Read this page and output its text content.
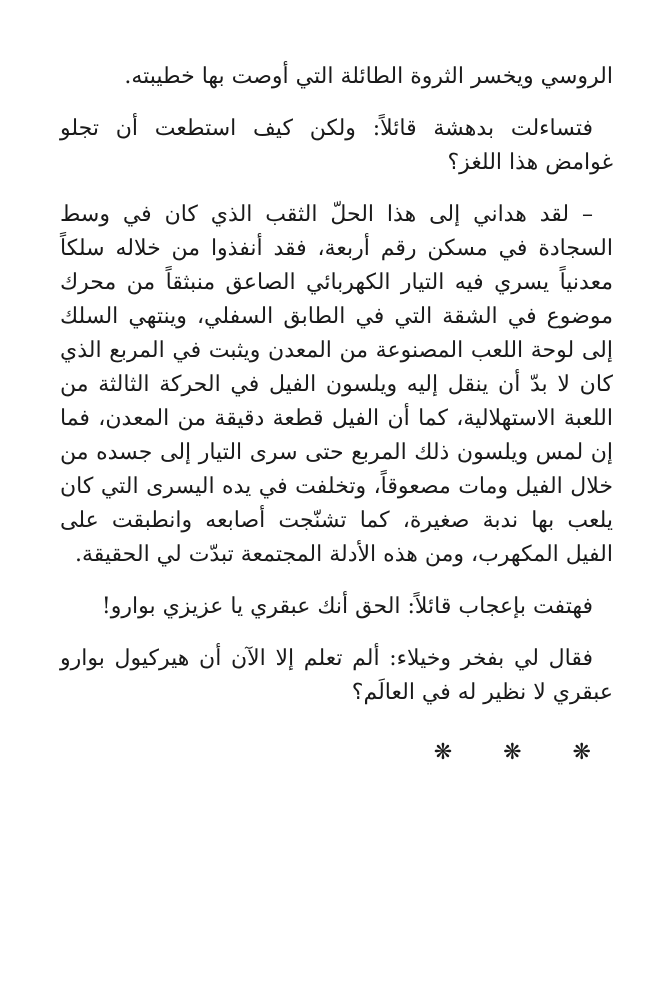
الروسي ويخسر الثروة الطائلة التي أوصت بها خطيبته.

فتساءلت بدهشة قائلاً: ولكن كيف استطعت أن تجلو غوامض هذا اللغز؟

– لقد هداني إلى هذا الحلّ الثقب الذي كان في وسط السجادة في مسكن رقم أربعة، فقد أنفذوا من خلاله سلكاً معدنياً يسري فيه التيار الكهربائي الصاعق منبثقاً من محرك موضوع في الشقة التي في الطابق السفلي، وينتهي السلك إلى لوحة اللعب المصنوعة من المعدن ويثبت في المربع الذي كان لا بدّ أن ينقل إليه ويلسون الفيل في الحركة الثالثة من اللعبة الاستهلالية، كما أن الفيل قطعة دقيقة من المعدن، فما إن لمس ويلسون ذلك المربع حتى سرى التيار إلى جسده من خلال الفيل ومات مصعوقاً، وتخلفت في يده اليسرى التي كان يلعب بها ندبة صغيرة، كما تشنّجت أصابعه وانطبقت على الفيل المكهرب، ومن هذه الأدلة المجتمعة تبدّت لي الحقيقة.

فهتفت بإعجاب قائلاً: الحق أنك عبقري يا عزيزي بوارو!

فقال لي بفخر وخيلاء: ألم تعلم إلا الآن أن هيركيول بوارو عبقري لا نظير له في العالَم؟

❋ ❋ ❋
